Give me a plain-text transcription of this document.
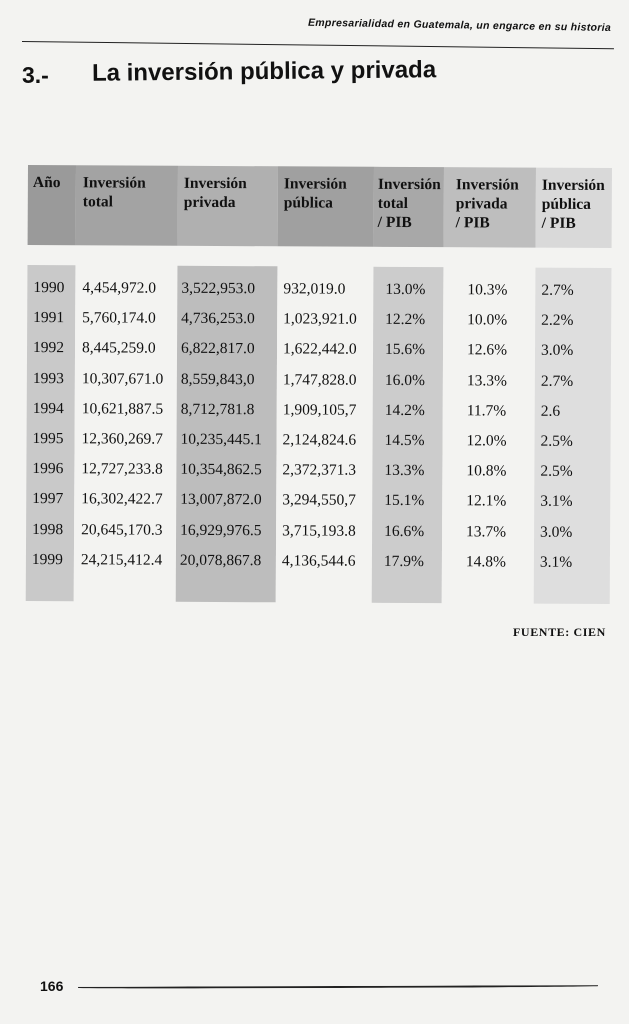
Empresarialidad en Guatemala, un engarce en su historia
3.- La inversión pública y privada
Año
1990
1991
1992
1993
1994
1995
1996
1997
1998
1999
Inversión
total
4,454,972.0
5,760,174.0
8,445,259.0
10,307,671.0
10,621,887.5
12,360,269.7
12,727,233.8
16,302,422.7
20,645,170.3
24,215,412.4
Inversión
privada
3,522,953.0
4,736,253.0
6,822,817.0
8,559,843,0
8,712,781.8
10,235,445.1
10,354,862.5
13,007,872.0
16,929,976.5
20,078,867.8
Inversión
pública
932,019.0
1,023,921.0
1,622,442.0
1,747,828.0
1,909,105,7
2,124,824.6
2,372,371.3
3,294,550,7
3,715,193.8
4,136,544.6
Inversión
total
/ PIB
13.0%
12.2%
15.6%
16.0%
14.2%
14.5%
13.3%
15.1%
16.6%
17.9%
Inversión
privada
/ PIB
10.3%
10.0%
12.6%
13.3%
11.7%
12.0%
10.8%
12.1%
13.7%
14.8%
Inversión
pública
/ PIB
2.7%
2.2%
3.0%
2.7%
2.6
2.5%
2.5%
3.1%
3.0%
3.1%
FUENTE: CIEN
166
